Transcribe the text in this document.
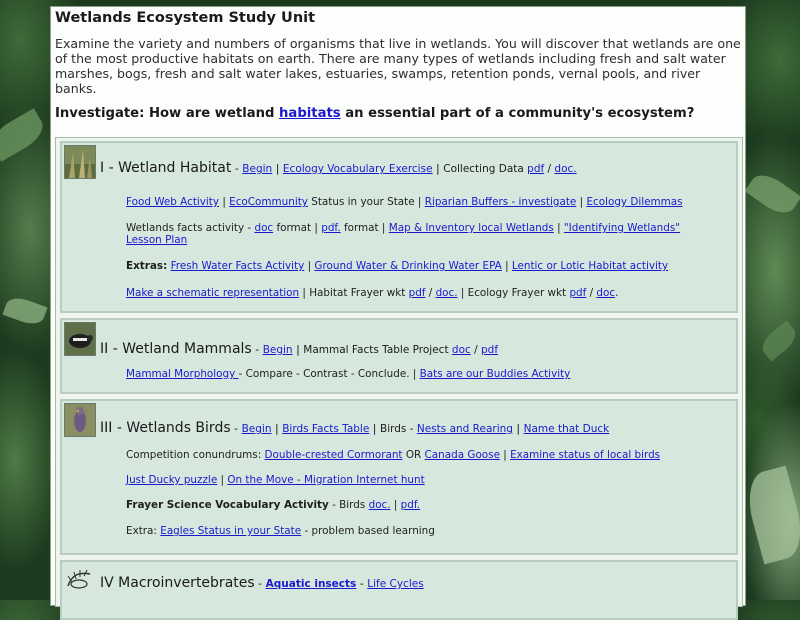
Wetlands Ecosystem Study Unit

Examine the variety and numbers of organisms that live in wetlands. You will discover that wetlands are one of the most productive habitats on earth. There are many types of wetlands including fresh and salt water marshes, bogs, fresh and salt water lakes, estuaries, swamps, retention ponds, vernal pools, and river banks.

Investigate: How are wetland habitats an essential part of a community's ecosystem?

I - Wetland Habitat - Begin | Ecology Vocabulary Exercise | Collecting Data pdf / doc.
Food Web Activity | EcoCommunity Status in your State | Riparian Buffers - investigate | Ecology Dilemmas
Wetlands facts activity - doc format | pdf. format | Map & Inventory local Wetlands | "Identifying Wetlands"
Lesson Plan
Extras: Fresh Water Facts Activity | Ground Water & Drinking Water EPA | Lentic or Lotic Habitat activity
Make a schematic representation | Habitat Frayer wkt pdf / doc. | Ecology Frayer wkt pdf / doc.
II - Wetland Mammals - Begin | Mammal Facts Table Project doc / pdf
Mammal Morphology - Compare - Contrast - Conclude. | Bats are our Buddies Activity
III - Wetlands Birds - Begin | Birds Facts Table | Birds - Nests and Rearing | Name that Duck
Competition conundrums: Double-crested Cormorant OR Canada Goose | Examine status of local birds
Just Ducky puzzle | On the Move - Migration Internet hunt
Frayer Science Vocabulary Activity - Birds doc. | pdf.
Extra: Eagles Status in your State - problem based learning
IV Macroinvertebrates - Aquatic insects - Life Cycles
